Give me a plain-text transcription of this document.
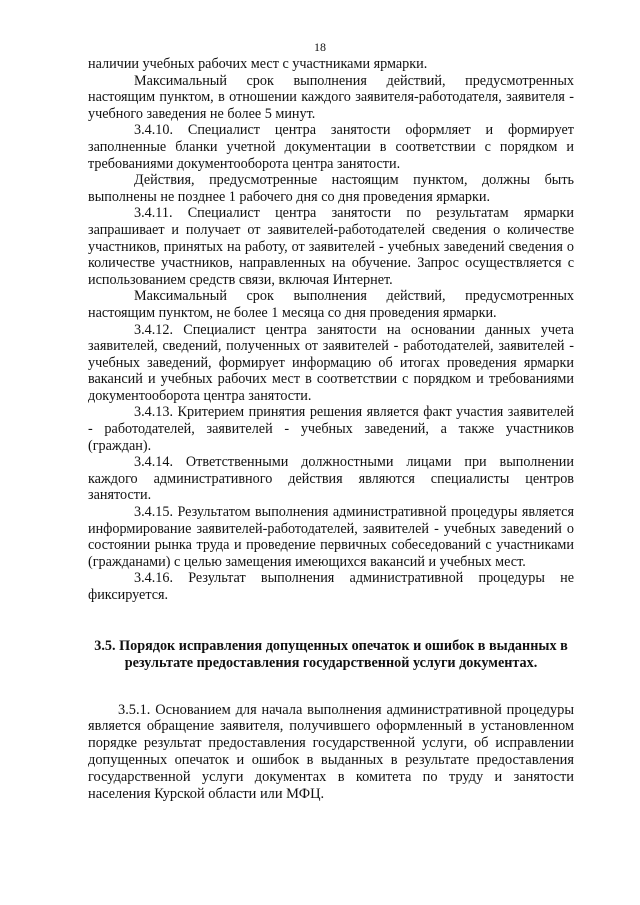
18

наличии учебных рабочих мест с участниками ярмарки.

Максимальный срок выполнения действий, предусмотренных настоящим пунктом, в отношении каждого заявителя-работодателя, заявителя - учебного заведения не более 5 минут.

3.4.10. Специалист центра занятости оформляет и формирует заполненные бланки учетной документации в соответствии с порядком и требованиями документооборота центра занятости.

Действия, предусмотренные настоящим пунктом, должны быть выполнены не позднее 1 рабочего дня со дня проведения ярмарки.

3.4.11. Специалист центра занятости по результатам ярмарки запрашивает и получает от заявителей-работодателей сведения о количестве участников, принятых на работу, от заявителей - учебных заведений сведения о количестве участников, направленных на обучение. Запрос осуществляется с использованием средств связи, включая Интернет.

Максимальный срок выполнения действий, предусмотренных настоящим пунктом, не более 1 месяца со дня проведения ярмарки.

3.4.12. Специалист центра занятости на основании данных учета заявителей, сведений, полученных от заявителей - работодателей, заявителей - учебных заведений, формирует информацию об итогах проведения ярмарки вакансий и учебных рабочих мест в соответствии с порядком и требованиями документооборота центра занятости.

3.4.13. Критерием принятия решения является факт участия заявителей - работодателей, заявителей - учебных заведений, а также участников (граждан).

3.4.14. Ответственными должностными лицами при выполнении каждого административного действия являются специалисты центров занятости.

3.4.15. Результатом выполнения административной процедуры является информирование заявителей-работодателей, заявителей - учебных заведений о состоянии рынка труда и проведение первичных собеседований с участниками (гражданами) с целью замещения имеющихся вакансий и учебных мест.

3.4.16. Результат выполнения административной процедуры не фиксируется.

3.5. Порядок исправления допущенных опечаток и ошибок в выданных в результате предоставления государственной услуги документах.

3.5.1. Основанием для начала выполнения административной процедуры является обращение заявителя, получившего оформленный в установленном порядке результат предоставления государственной услуги, об исправлении допущенных опечаток и ошибок в выданных в результате предоставления государственной услуги документах в комитета по труду и занятости населения Курской области или МФЦ.
